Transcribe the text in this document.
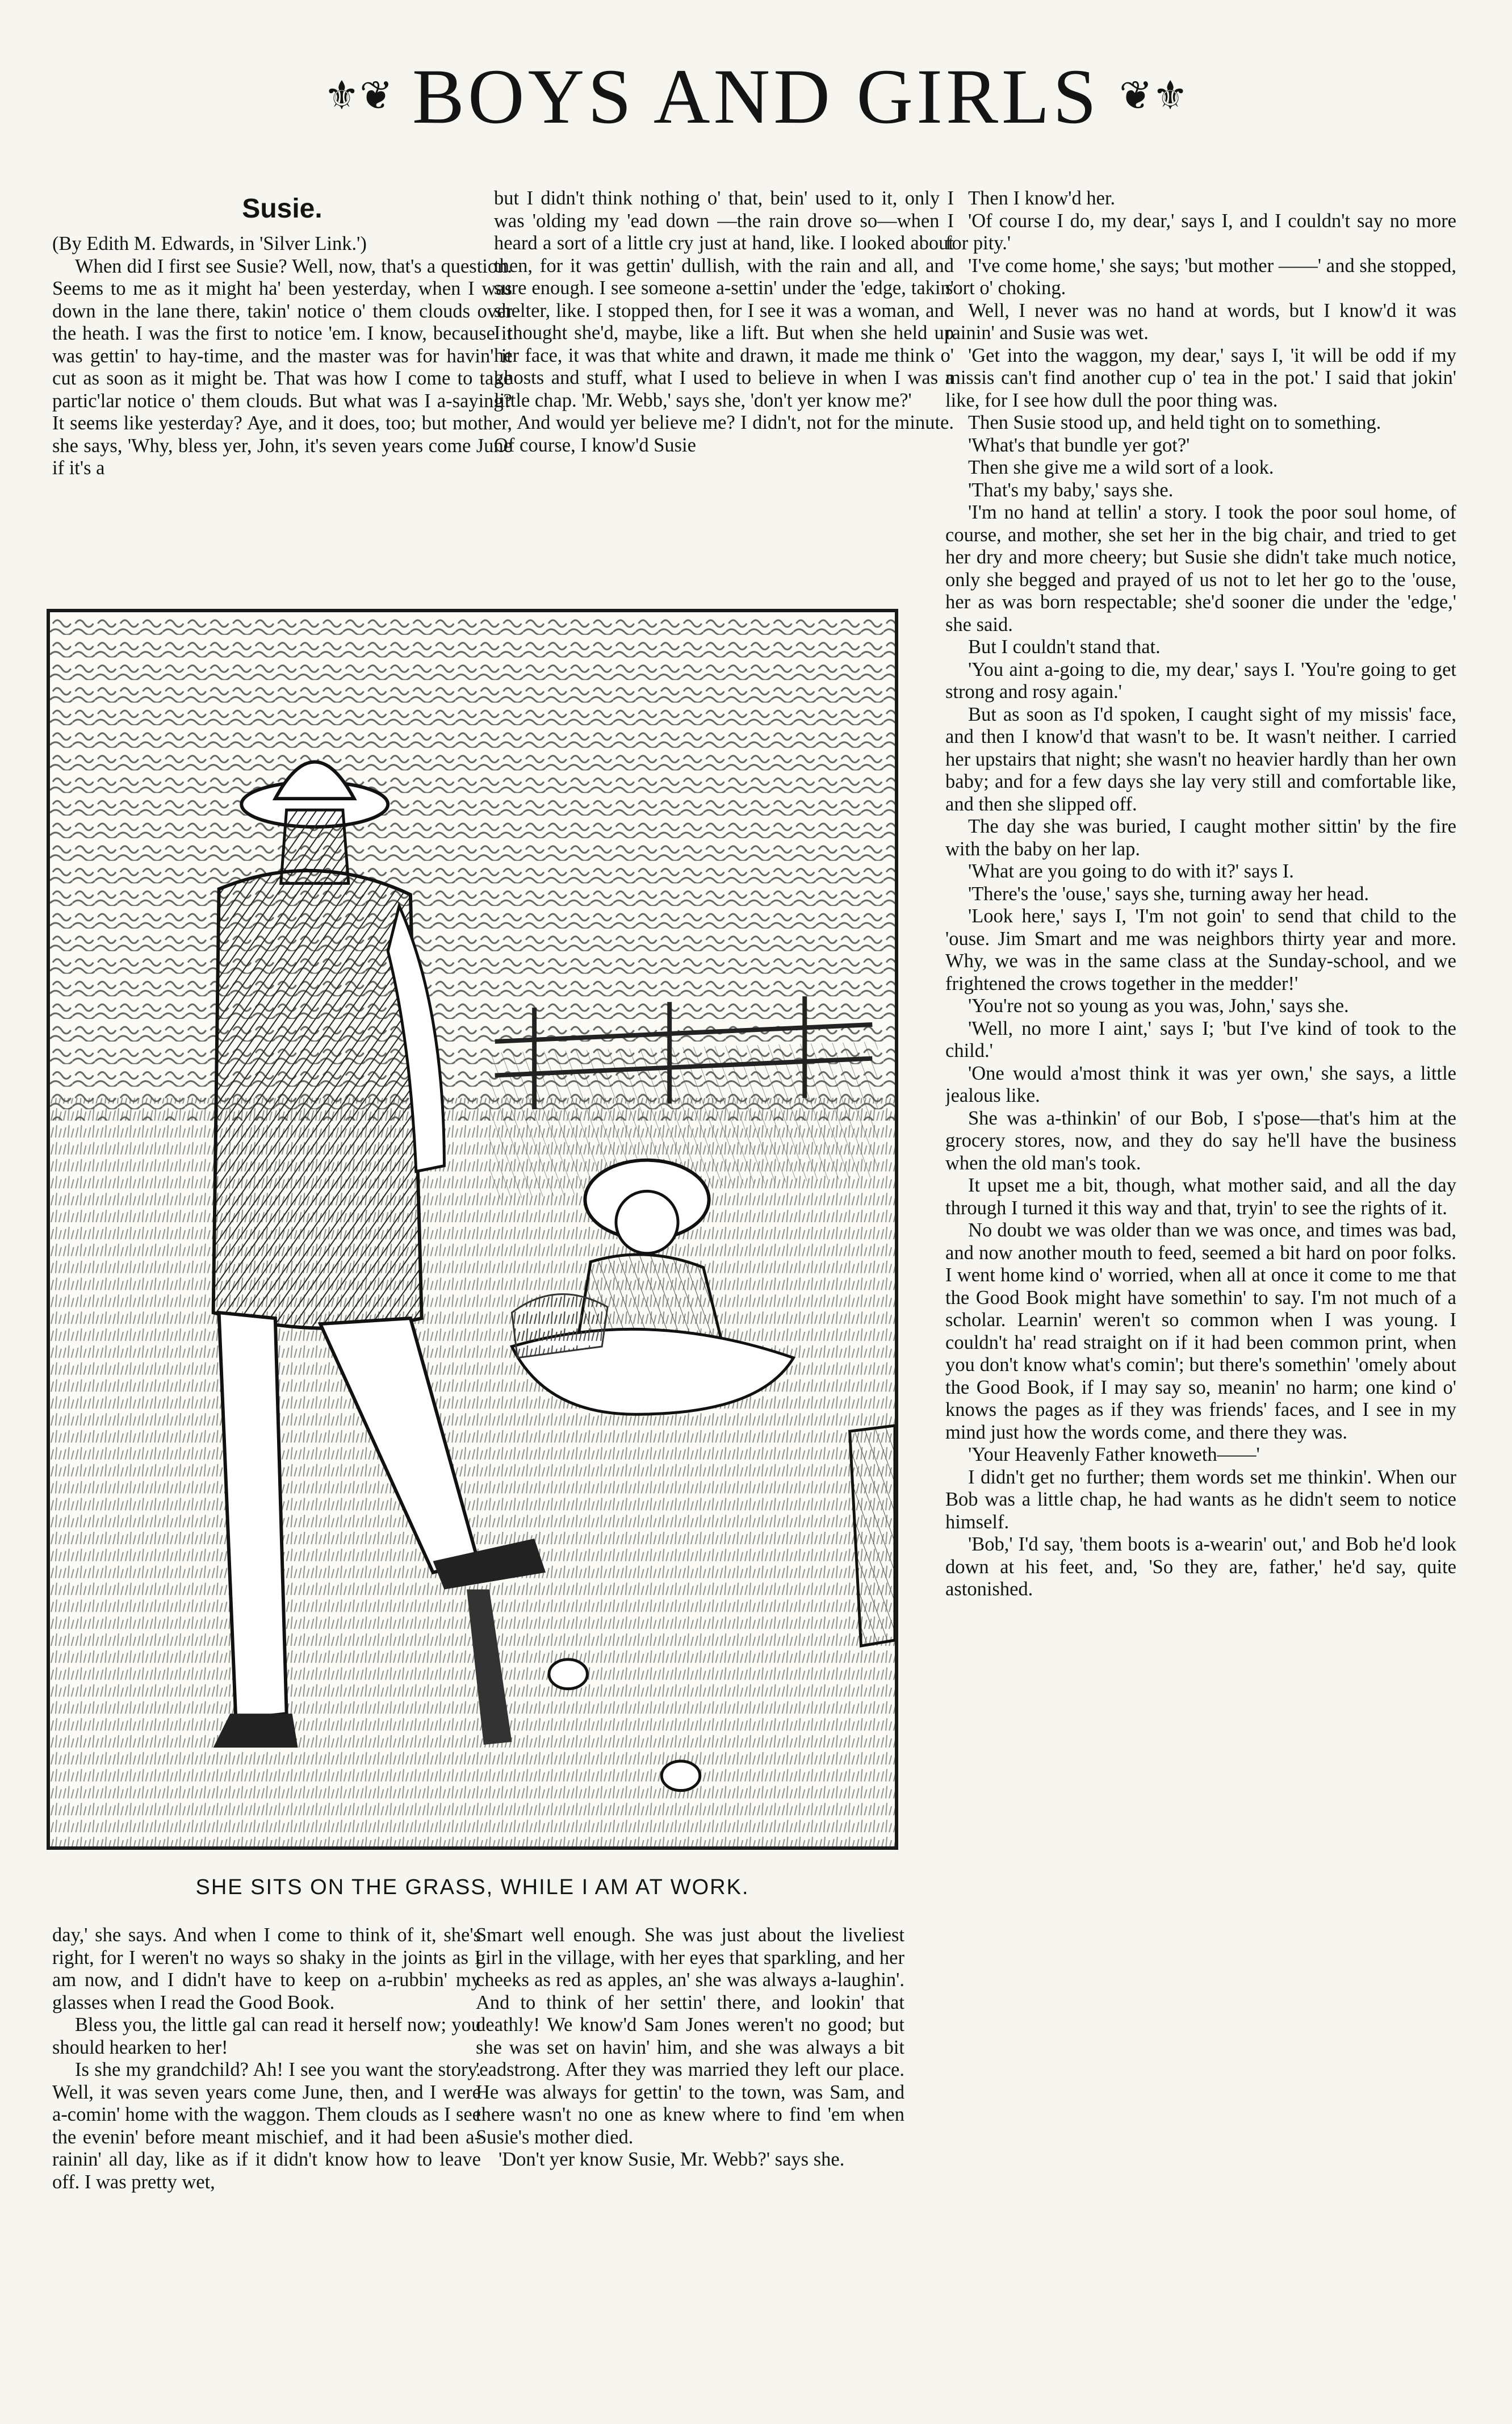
⚜❦ BOYS AND GIRLS ❦⚜
Susie.

(By Edith M. Edwards, in 'Silver Link.')

When did I first see Susie? Well, now, that's a question. Seems to me as it might ha' been yesterday, when I was down in the lane there, takin' notice o' them clouds over the heath. I was the first to notice 'em. I know, because it was gettin' to hay-time, and the master was for havin' it cut as soon as it might be. That was how I come to take partic'lar notice o' them clouds. But what was I a-saying? It seems like yesterday? Aye, and it does, too; but mother, she says, 'Why, bless yer, John, it's seven years come June if it's a

but I didn't think nothing o' that, bein' used to it, only I was 'olding my 'ead down —the rain drove so—when I heard a sort of a little cry just at hand, like. I looked about then, for it was gettin' dullish, with the rain and all, and sure enough. I see someone a-settin' under the 'edge, takin' shelter, like. I stopped then, for I see it was a woman, and I thought she'd, maybe, like a lift. But when she held up her face, it was that white and drawn, it made me think o' ghosts and stuff, what I used to believe in when I was a little chap. 'Mr. Webb,' says she, 'don't yer know me?'

And would yer believe me? I didn't, not for the minute. Of course, I know'd Susie

Then I know'd her.

'Of course I do, my dear,' says I, and I couldn't say no more for pity.'

'I've come home,' she says; 'but mother ——' and she stopped, sort o' choking.

Well, I never was no hand at words, but I know'd it was rainin' and Susie was wet.

'Get into the waggon, my dear,' says I, 'it will be odd if my missis can't find another cup o' tea in the pot.' I said that jokin' like, for I see how dull the poor thing was.

Then Susie stood up, and held tight on to something.

'What's that bundle yer got?'

Then she give me a wild sort of a look.

'That's my baby,' says she.

'I'm no hand at tellin' a story. I took the poor soul home, of course, and mother, she set her in the big chair, and tried to get her dry and more cheery; but Susie she didn't take much notice, only she begged and prayed of us not to let her go to the 'ouse, her as was born respectable; she'd sooner die under the 'edge,' she said.

But I couldn't stand that.

'You aint a-going to die, my dear,' says I. 'You're going to get strong and rosy again.'

But as soon as I'd spoken, I caught sight of my missis' face, and then I know'd that wasn't to be. It wasn't neither. I carried her upstairs that night; she wasn't no heavier hardly than her own baby; and for a few days she lay very still and comfortable like, and then she slipped off.

The day she was buried, I caught mother sittin' by the fire with the baby on her lap.

'What are you going to do with it?' says I.

'There's the 'ouse,' says she, turning away her head.

'Look here,' says I, 'I'm not goin' to send that child to the 'ouse. Jim Smart and me was neighbors thirty year and more. Why, we was in the same class at the Sunday-school, and we frightened the crows together in the medder!'

'You're not so young as you was, John,' says she.

'Well, no more I aint,' says I; 'but I've kind of took to the child.'

'One would a'most think it was yer own,' she says, a little jealous like.

She was a-thinkin' of our Bob, I s'pose—that's him at the grocery stores, now, and they do say he'll have the business when the old man's took.

It upset me a bit, though, what mother said, and all the day through I turned it this way and that, tryin' to see the rights of it.

No doubt we was older than we was once, and times was bad, and now another mouth to feed, seemed a bit hard on poor folks. I went home kind o' worried, when all at once it come to me that the Good Book might have somethin' to say. I'm not much of a scholar. Learnin' weren't so common when I was young. I couldn't ha' read straight on if it had been common print, when you don't know what's comin'; but there's somethin' 'omely about the Good Book, if I may say so, meanin' no harm; one kind o' knows the pages as if they was friends' faces, and I see in my mind just how the words come, and there they was.

'Your Heavenly Father knoweth——'

I didn't get no further; them words set me thinkin'. When our Bob was a little chap, he had wants as he didn't seem to notice himself.

'Bob,' I'd say, 'them boots is a-wearin' out,' and Bob he'd look down at his feet, and, 'So they are, father,' he'd say, quite astonished.

SHE SITS ON THE GRASS, WHILE I AM AT WORK.

day,' she says. And when I come to think of it, she's right, for I weren't no ways so shaky in the joints as I am now, and I didn't have to keep on a-rubbin' my glasses when I read the Good Book.

Bless you, the little gal can read it herself now; you should hearken to her!

Is she my grandchild? Ah! I see you want the story. Well, it was seven years come June, then, and I were a-comin' home with the waggon. Them clouds as I see the evenin' before meant mischief, and it had been a-rainin' all day, like as if it didn't know how to leave off. I was pretty wet,

Smart well enough. She was just about the liveliest girl in the village, with her eyes that sparkling, and her cheeks as red as apples, an' she was always a-laughin'. And to think of her settin' there, and lookin' that deathly! We know'd Sam Jones weren't no good; but she was set on havin' him, and she was always a bit 'eadstrong. After they was married they left our place. He was always for gettin' to the town, was Sam, and there wasn't no one as knew where to find 'em when Susie's mother died.

'Don't yer know Susie, Mr. Webb?' says she.
